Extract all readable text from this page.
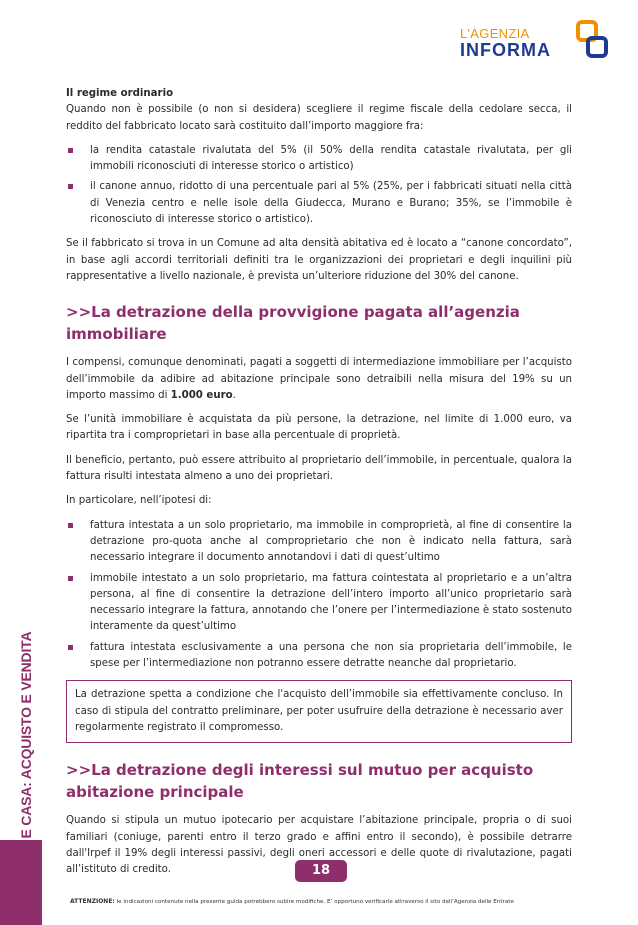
L'AGENZIA
INFORMA
FISCO E CASA: ACQUISTO E VENDITA
Il regime ordinario

Quando non è possibile (o non si desidera) scegliere il regime fiscale della cedolare secca, il reddito del fabbricato locato sarà costituito dall’importo maggiore fra:

la rendita catastale rivalutata del 5% (il 50% della rendita catastale rivalutata, per gli immobili riconosciuti di interesse storico o artistico)
il canone annuo, ridotto di una percentuale pari al 5% (25%, per i fabbricati situati nella città di Venezia centro e nelle isole della Giudecca, Murano e Burano; 35%, se l’immobile è riconosciuto di interesse storico o artistico).

Se il fabbricato si trova in un Comune ad alta densità abitativa ed è locato a “canone concordato”, in base agli accordi territoriali definiti tra le organizzazioni dei proprietari e degli inquilini più rappresentative a livello nazionale, è prevista un’ulteriore riduzione del 30% del canone.

>>La detrazione della provvigione pagata all’agenzia immobiliare

I compensi, comunque denominati, pagati a soggetti di intermediazione immobiliare per l’acquisto dell’immobile da adibire ad abitazione principale sono detraibili nella misura del 19% su un importo massimo di 1.000 euro.

Se l’unità immobiliare è acquistata da più persone, la detrazione, nel limite di 1.000 euro, va ripartita tra i comproprietari in base alla percentuale di proprietà.

Il beneficio, pertanto, può essere attribuito al proprietario dell’immobile, in percentuale, qualora la fattura risulti intestata almeno a uno dei proprietari.

In particolare, nell’ipotesi di:

fattura intestata a un solo proprietario, ma immobile in comproprietà, al fine di consentire la detrazione pro-quota anche al comproprietario che non è indicato nella fattura, sarà necessario integrare il documento annotandovi i dati di quest’ultimo
immobile intestato a un solo proprietario, ma fattura cointestata al proprietario e a un’altra persona, al fine di consentire la detrazione dell’intero importo all’unico proprietario sarà necessario integrare la fattura, annotando che l’onere per l’intermediazione è stato sostenuto interamente da quest’ultimo
fattura intestata esclusivamente a una persona che non sia proprietaria dell’immobile, le spese per l’intermediazione non potranno essere detratte neanche dal proprietario.
La detrazione spetta a condizione che l'acquisto dell’immobile sia effettivamente concluso. In caso di stipula del contratto preliminare, per poter usufruire della detrazione è necessario aver regolarmente registrato il compromesso.
>>La detrazione degli interessi sul mutuo per acquisto abitazione principale

Quando si stipula un mutuo ipotecario per acquistare l’abitazione principale, propria o di suoi familiari (coniuge, parenti entro il terzo grado e affini entro il secondo), è possibile detrarre dall'Irpef il 19% degli interessi passivi, degli oneri accessori e delle quote di rivalutazione, pagati all’istituto di credito.	18
ATTENZIONE: le indicazioni contenute nella presente guida potrebbero subire modifiche. E’ opportuno verificarle attraverso il sito dell’Agenzia delle Entrate
